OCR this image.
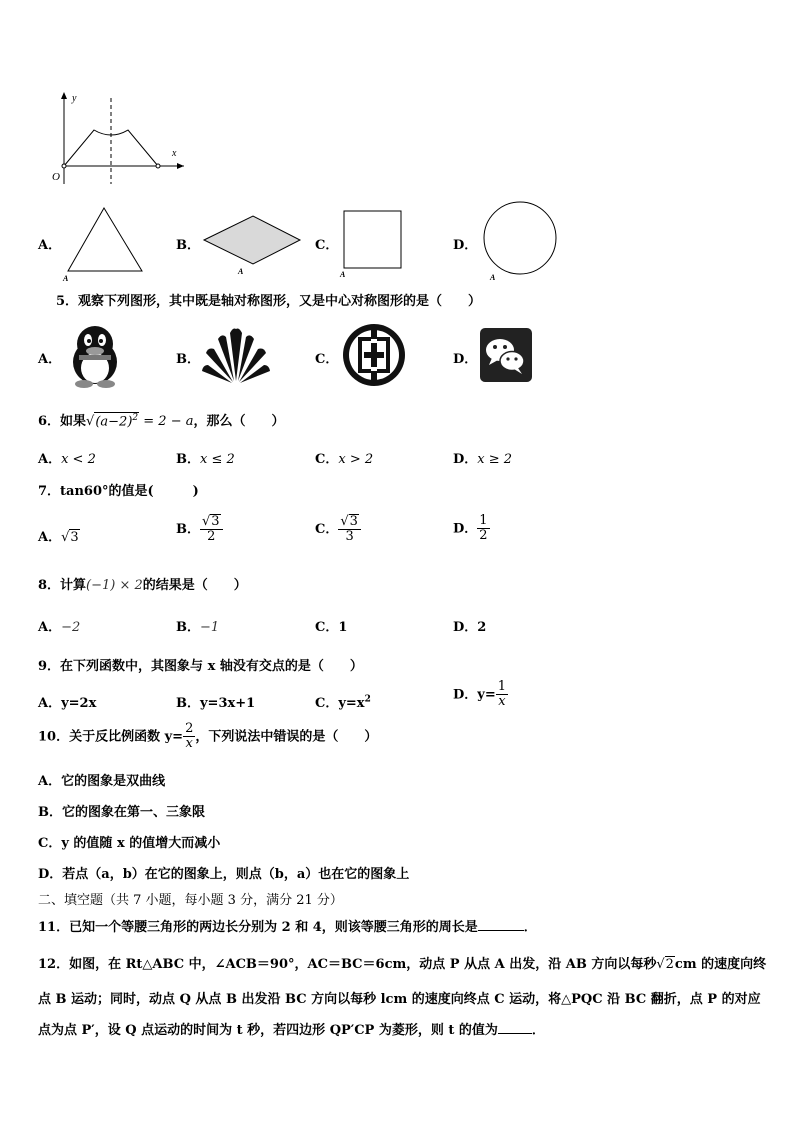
y
x
O
A．
A
B．
A
C．
A
D．
A
5．观察下列图形，其中既是轴对称图形，又是中心对称图形的是（　　）
A．	B．	C．	D．
6．如果$√(a-2)^2 = 2 - a$，那么（　　）
A．x < 2	B．x ≤ 2	C．x > 2	D．x ≥ 2
7．tan60°的值是(　　　)
A．√3
B． $\frac{√3}{2}$	C． $\frac{√3}{3}$	D． $\frac{1}{2}$
8．计算(−1) × 2的结果是（　　）
A．−2	B．−1	C．1	D．2
9．在下列函数中，其图象与 x 轴没有交点的是（　　）
A．y=2x	B．y=3x+1	C．$y=x^2$	D．$y= \frac{1}{x}$
10．关于反比例函数 $y= \frac{2}{x}$ ，下列说法中错误的是（　　）
A．它的图象是双曲线
B．它的图象在第一、三象限
C．y 的值随 x 的值增大而减小
D．若点（a，b）在它的图象上，则点（b，a）也在它的图象上
二、填空题（共 7 小题，每小题 3 分，满分 21 分）
11．已知一个等腰三角形的两边长分别为 2 和 4，则该等腰三角形的周长是	．
12．如图，在 Rt△ABC 中，∠ACB＝90°，AC＝BC＝6cm，动点 P 从点 A 出发，沿 AB 方向以每秒√2cm 的速度向终
点 B 运动；同时，动点 Q 从点 B 出发沿 BC 方向以每秒 lcm 的速度向终点 C 运动，将△PQC 沿 BC 翻折，点 P 的对应
点为点 P′，设 Q 点运动的时间为 t 秒，若四边形 QP′CP 为菱形，则 t 的值为	．
